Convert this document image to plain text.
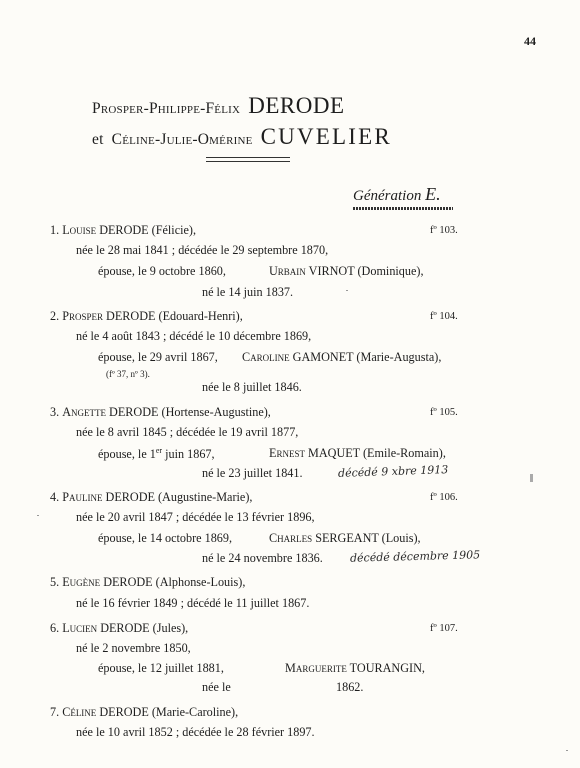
44
Prosper-Philippe-Félix DERODE
et Céline-Julie-Omérine CUVELIER
Génération E.
1. Louise DERODE (Félicie),	fº 103.
née le 28 mai 1841 ; décédée le 29 septembre 1870,
épouse, le 9 octobre 1860,	Urbain VIRNOT (Dominique),
né le 14 juin 1837.
2. Prosper DERODE (Edouard-Henri),	fº 104.
né le 4 août 1843 ; décédé le 10 décembre 1869,
épouse, le 29 avril 1867, Caroline GAMONET (Marie-Augusta),
(fº 37, nº 3).
née le 8 juillet 1846.
3. Angette DERODE (Hortense-Augustine),	fº 105.
née le 8 avril 1845 ; décédée le 19 avril 1877,
épouse, le 1er juin 1867,	Ernest MAQUET (Emile-Romain),
né le 23 juillet 1841.	décédé 9 xbre 1913
4. Pauline DERODE (Augustine-Marie),	fº 106.
née le 20 avril 1847 ; décédée le 13 février 1896,
épouse, le 14 octobre 1869,	Charles SERGEANT (Louis),
né le 24 novembre 1836. décédé décembre 1905
5. Eugène DERODE (Alphonse-Louis),
né le 16 février 1849 ; décédé le 11 juillet 1867.
6. Lucien DERODE (Jules),	fº 107.
né le 2 novembre 1850,
épouse, le 12 juillet 1881,	Marguerite TOURANGIN,
née le	1862.
7. Céline DERODE (Marie-Caroline),
née le 10 avril 1852 ; décédée le 28 février 1897.
